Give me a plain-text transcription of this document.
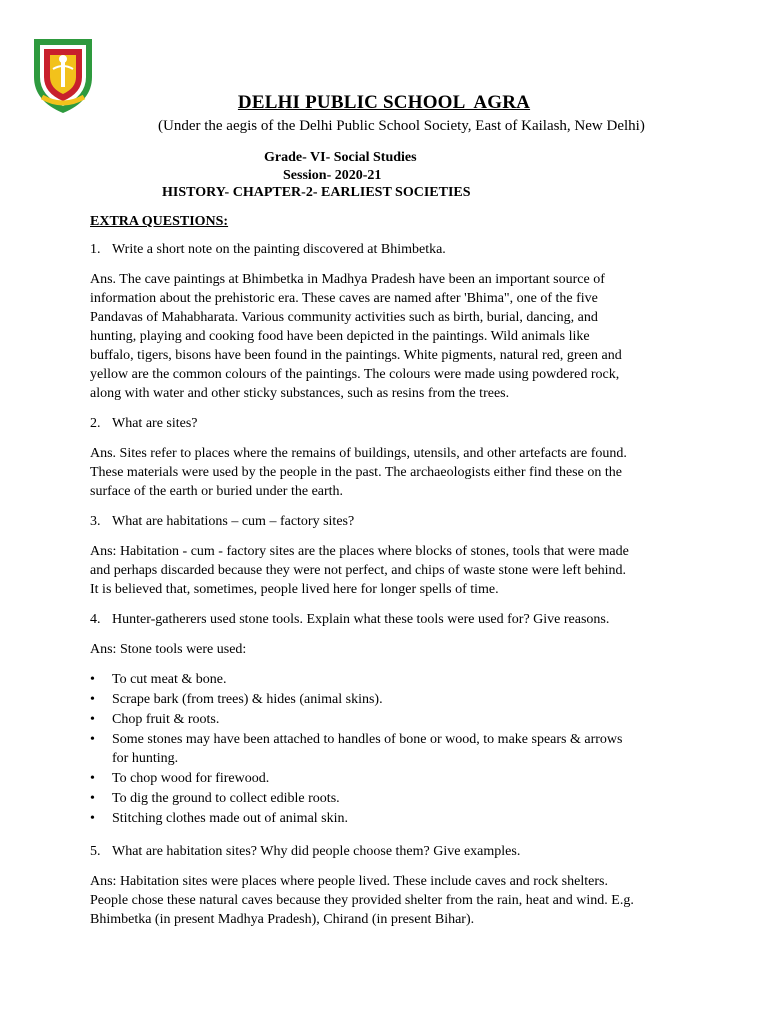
DELHI PUBLIC SCHOOL  AGRA
(Under the aegis of the Delhi Public School Society, East of Kailash, New Delhi)
Grade- VI- Social Studies
Session- 2020-21
HISTORY- CHAPTER-2- EARLIEST SOCIETIES
EXTRA QUESTIONS:
1. Write a short note on the painting discovered at Bhimbetka.
Ans. The cave paintings at Bhimbetka in Madhya Pradesh have been an important source of
information about the prehistoric era. These caves are named after 'Bhima", one of the five
Pandavas of Mahabharata. Various community activities such as birth, burial, dancing, and
hunting, playing and cooking food have been depicted in the paintings. Wild animals like
buffalo, tigers, bisons have been found in the paintings. White pigments, natural red, green and
yellow are the common colours of the paintings. The colours were made using powdered rock,
along with water and other sticky substances, such as resins from the trees.
2. What are sites?
Ans. Sites refer to places where the remains of buildings, utensils, and other artefacts are found.
These materials were used by the people in the past. The archaeologists either find these on the
surface of the earth or buried under the earth.
3. What are habitations – cum – factory sites?
Ans: Habitation - cum - factory sites are the places where blocks of stones, tools that were made
and perhaps discarded because they were not perfect, and chips of waste stone were left behind.
It is believed that, sometimes, people lived here for longer spells of time.
4. Hunter-gatherers used stone tools. Explain what these tools were used for? Give reasons.
Ans: Stone tools were used:
• To cut meat & bone.
• Scrape bark (from trees) & hides (animal skins).
• Chop fruit & roots.
• Some stones may have been attached to handles of bone or wood, to make spears & arrows
for hunting.
• To chop wood for firewood.
• To dig the ground to collect edible roots.
• Stitching clothes made out of animal skin.
5. What are habitation sites? Why did people choose them? Give examples.
Ans: Habitation sites were places where people lived. These include caves and rock shelters.
People chose these natural caves because they provided shelter from the rain, heat and wind. E.g.
Bhimbetka (in present Madhya Pradesh), Chirand (in present Bihar).
